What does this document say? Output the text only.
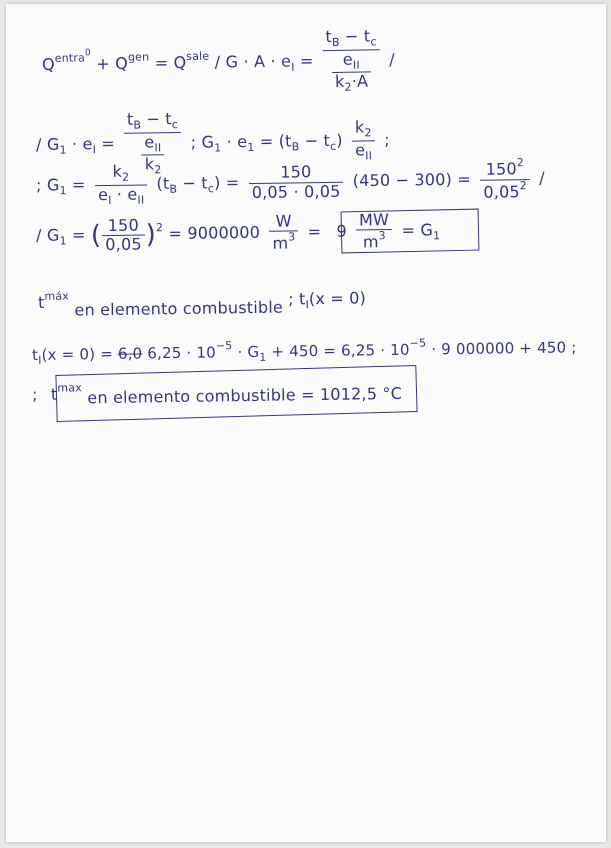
$Q^{entra^0} + Q^{gen} = Q^{sale} / G \cdot A \cdot e_I = \frac{t_B - t_c}{\frac{e_{II}}{k_2\cdot A}}$ /
/ $G_1 \cdot e_I = \frac{t_B - t_c}{\frac{e_{II}}{k_2}}$ ; $G_1 \cdot e_1 = (t_B - t_c) \frac{k_2}{e_{II}}$ ;
; $G_1 = \frac{k_2}{e_I \cdot e_{II}} (t_B - t_c) = \frac{150}{0,05 \cdot 0,05} (450 - 300) = \frac{150^2}{0,05^2}$ /
/ $G_1$ = ( $\frac{150}{0,05} )^2 = 9000000 \frac{W}{m^3} = 9 \frac{MW}{m^3} = G_1$
$t^{máx}$ en elemento combustible ; $t_I(x = 0)$
$t_I(x = 0) = 6,0$ $6,25 \cdot 10^{-5} \cdot G_1 + 450 = 6,25 \cdot 10^{-5} \cdot 9$ 000000 + 450 ;
; $t^{max}$ en elemento combustible = 1012,5 °C
